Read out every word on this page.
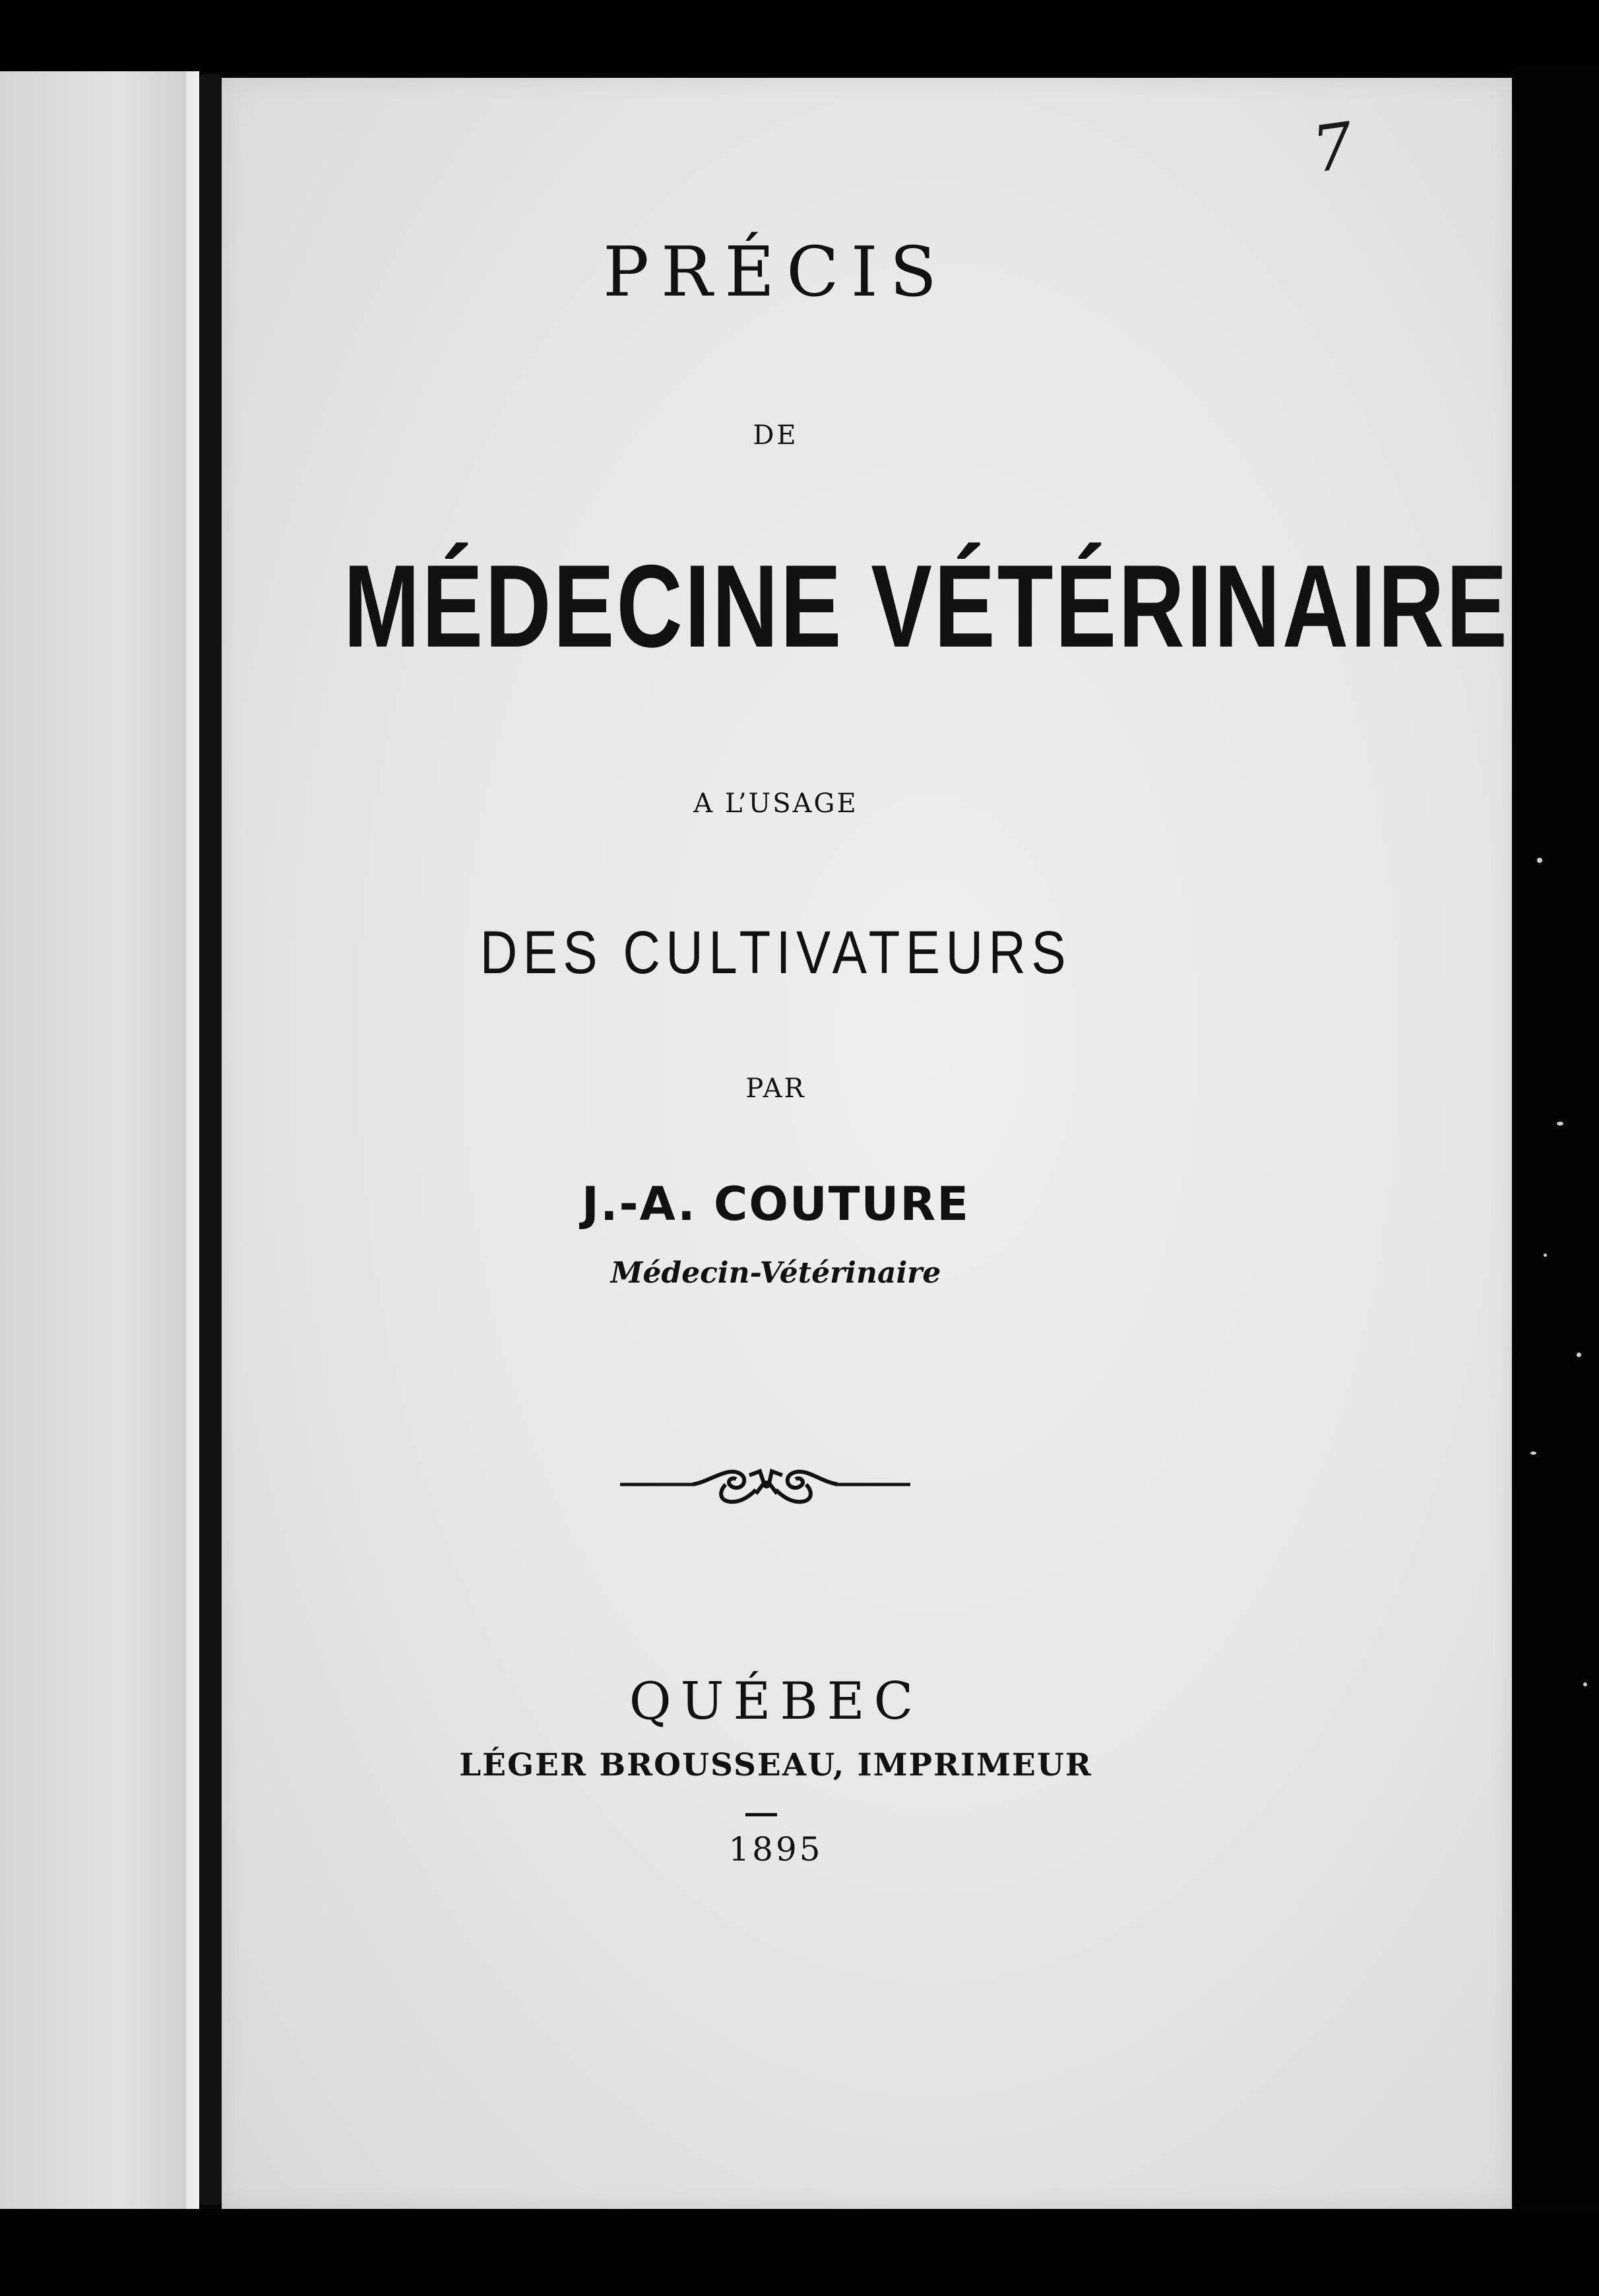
7
PRÉCIS
DE
MÉDECINE VÉTÉRINAIRE
A L’USAGE
DES CULTIVATEURS
PAR
J.-A. COUTURE
Médecin-Vétérinaire
QUÉBEC
LÉGER BROUSSEAU, IMPRIMEUR
1895
